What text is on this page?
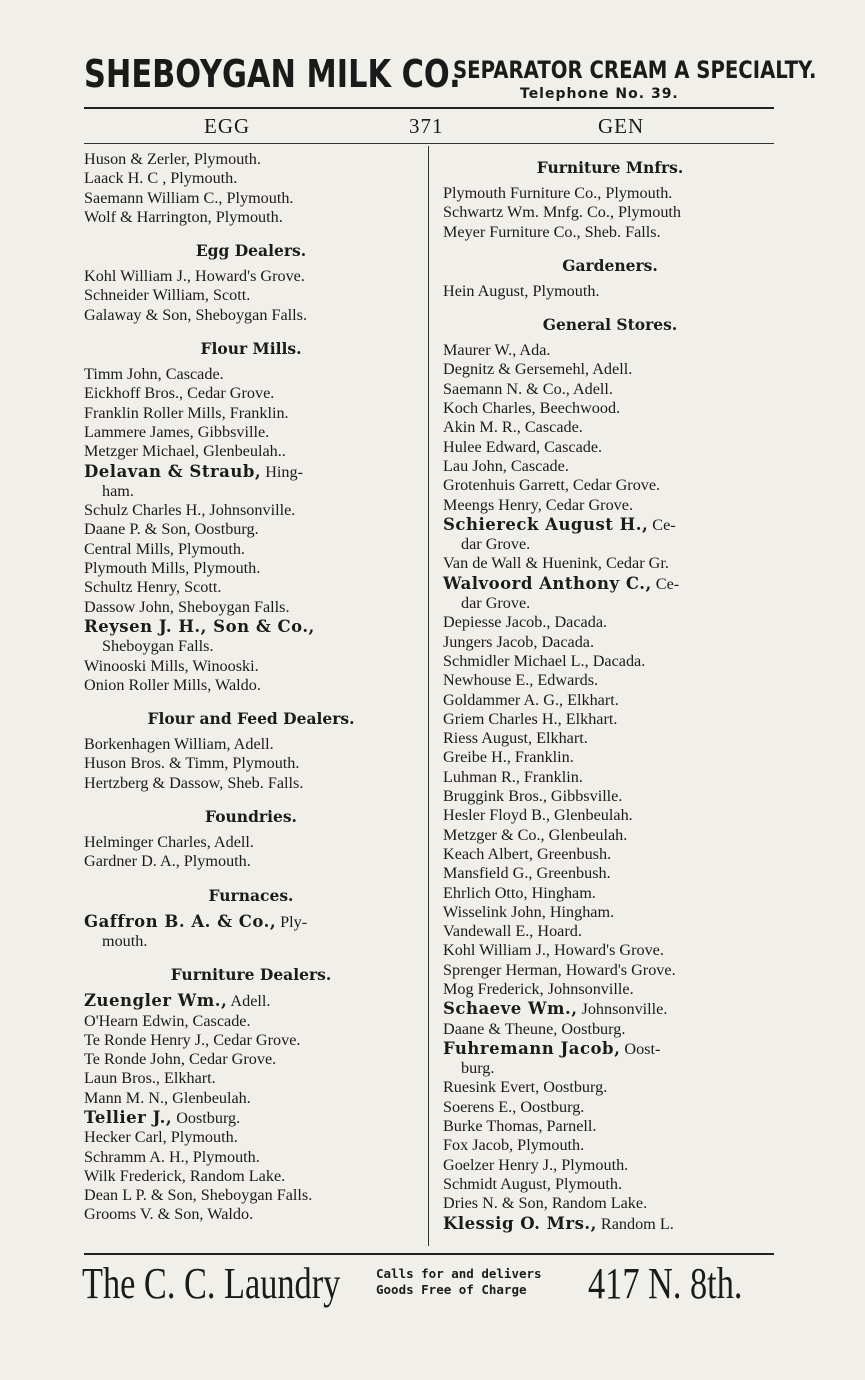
SHEBOYGAN MILK CO.
SEPARATOR CREAM A SPECIALTY.
Telephone No. 39.
EGG	371	GEN
Huson & Zerler, Plymouth.
Laack H. C , Plymouth.
Saemann William C., Plymouth.
Wolf & Harrington, Plymouth.
Egg Dealers.
Kohl William J., Howard's Grove.
Schneider William, Scott.
Galaway & Son, Sheboygan Falls.
Flour Mills.
Timm John, Cascade.
Eickhoff Bros., Cedar Grove.
Franklin Roller Mills, Franklin.
Lammere James, Gibbsville.
Metzger Michael, Glenbeulah..
Delavan & Straub, Hing-
ham.
Schulz Charles H., Johnsonville.
Daane P. & Son, Oostburg.
Central Mills, Plymouth.
Plymouth Mills, Plymouth.
Schultz Henry, Scott.
Dassow John, Sheboygan Falls.
Reysen J. H., Son & Co.,
Sheboygan Falls.
Winooski Mills, Winooski.
Onion Roller Mills, Waldo.
Flour and Feed Dealers.
Borkenhagen William, Adell.
Huson Bros. & Timm, Plymouth.
Hertzberg & Dassow, Sheb. Falls.
Foundries.
Helminger Charles, Adell.
Gardner D. A., Plymouth.
Furnaces.
Gaffron B. A. & Co., Ply-
mouth.
Furniture Dealers.
Zuengler Wm., Adell.
O'Hearn Edwin, Cascade.
Te Ronde Henry J., Cedar Grove.
Te Ronde John, Cedar Grove.
Laun Bros., Elkhart.
Mann M. N., Glenbeulah.
Tellier J., Oostburg.
Hecker Carl, Plymouth.
Schramm A. H., Plymouth.
Wilk Frederick, Random Lake.
Dean L P. & Son, Sheboygan Falls.
Grooms V. & Son, Waldo.
Furniture Mnfrs.
Plymouth Furniture Co., Plymouth.
Schwartz Wm. Mnfg. Co., Plymouth
Meyer Furniture Co., Sheb. Falls.
Gardeners.
Hein August, Plymouth.
General Stores.
Maurer W., Ada.
Degnitz & Gersemehl, Adell.
Saemann N. & Co., Adell.
Koch Charles, Beechwood.
Akin M. R., Cascade.
Hulee Edward, Cascade.
Lau John, Cascade.
Grotenhuis Garrett, Cedar Grove.
Meengs Henry, Cedar Grove.
Schiereck August H., Ce-
dar Grove.
Van de Wall & Huenink, Cedar Gr.
Walvoord Anthony C., Ce-
dar Grove.
Depiesse Jacob., Dacada.
Jungers Jacob, Dacada.
Schmidler Michael L., Dacada.
Newhouse E., Edwards.
Goldammer A. G., Elkhart.
Griem Charles H., Elkhart.
Riess August, Elkhart.
Greibe H., Franklin.
Luhman R., Franklin.
Bruggink Bros., Gibbsville.
Hesler Floyd B., Glenbeulah.
Metzger & Co., Glenbeulah.
Keach Albert, Greenbush.
Mansfield G., Greenbush.
Ehrlich Otto, Hingham.
Wisselink John, Hingham.
Vandewall E., Hoard.
Kohl William J., Howard's Grove.
Sprenger Herman, Howard's Grove.
Mog Frederick, Johnsonville.
Schaeve Wm., Johnsonville.
Daane & Theune, Oostburg.
Fuhremann Jacob, Oost-
burg.
Ruesink Evert, Oostburg.
Soerens E., Oostburg.
Burke Thomas, Parnell.
Fox Jacob, Plymouth.
Goelzer Henry J., Plymouth.
Schmidt August, Plymouth.
Dries N. & Son, Random Lake.
Klessig O. Mrs., Random L.
The C. C. Laundry	Calls for and delivers
Goods Free of Charge	417 N. 8th.
